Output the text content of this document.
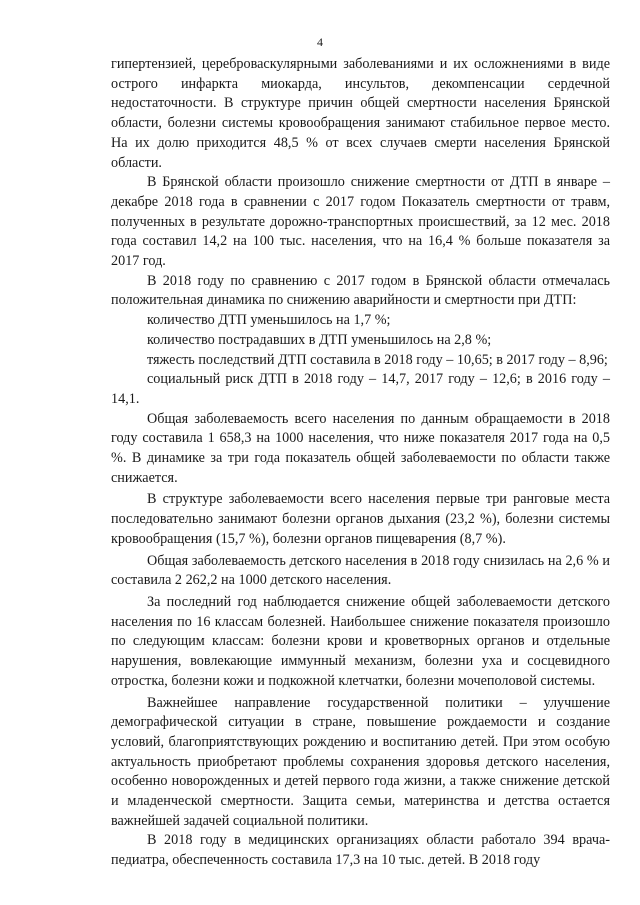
4

гипертензией, цереброваскулярными заболеваниями и их осложнениями в виде острого инфаркта миокарда, инсультов, декомпенсации сердечной недостаточности. В структуре причин общей смертности населения Брянской области, болезни системы кровообращения занимают стабильное первое место. На их долю приходится 48,5 % от всех случаев смерти населения Брянской области.

В Брянской области произошло снижение смертности от ДТП в январе – декабре 2018 года в сравнении с 2017 годом Показатель смертности от травм, полученных в результате дорожно-транспортных происшествий, за 12 мес. 2018 года составил 14,2 на 100 тыс. населения, что на 16,4 % больше показателя за 2017 год.

В 2018 году по сравнению с 2017 годом в Брянской области отмечалась положительная динамика по снижению аварийности и смертности при ДТП:

количество ДТП уменьшилось на 1,7 %;

количество пострадавших в ДТП уменьшилось на 2,8 %;

тяжесть последствий ДТП составила в 2018 году – 10,65; в 2017 году – 8,96;

социальный риск ДТП в 2018 году – 14,7, 2017 году – 12,6; в 2016 году – 14,1.

Общая заболеваемость всего населения по данным обращаемости в 2018 году составила 1 658,3 на 1000 населения, что ниже показателя 2017 года на 0,5 %. В динамике за три года показатель общей заболеваемости по области также снижается.

В структуре заболеваемости всего населения первые три ранговые места последовательно занимают болезни органов дыхания (23,2 %), болезни системы кровообращения (15,7 %), болезни органов пищеварения (8,7 %).

Общая заболеваемость детского населения в 2018 году снизилась на 2,6 % и составила 2 262,2 на 1000 детского населения.

За последний год наблюдается снижение общей заболеваемости детского населения по 16 классам болезней. Наибольшее снижение показателя произошло по следующим классам: болезни крови и кроветворных органов и отдельные нарушения, вовлекающие иммунный механизм, болезни уха и сосцевидного отростка, болезни кожи и подкожной клетчатки, болезни мочеполовой системы.

Важнейшее направление государственной политики – улучшение демографической ситуации в стране, повышение рождаемости и создание условий, благоприятствующих рождению и воспитанию детей. При этом особую актуальность приобретают проблемы сохранения здоровья детского населения, особенно новорожденных и детей первого года жизни, а также снижение детской и младенческой смертности. Защита семьи, материнства и детства остается важнейшей задачей социальной политики.

В 2018 году в медицинских организациях области работало 394 врача-педиатра, обеспеченность составила 17,3 на 10 тыс. детей. В 2018 году
